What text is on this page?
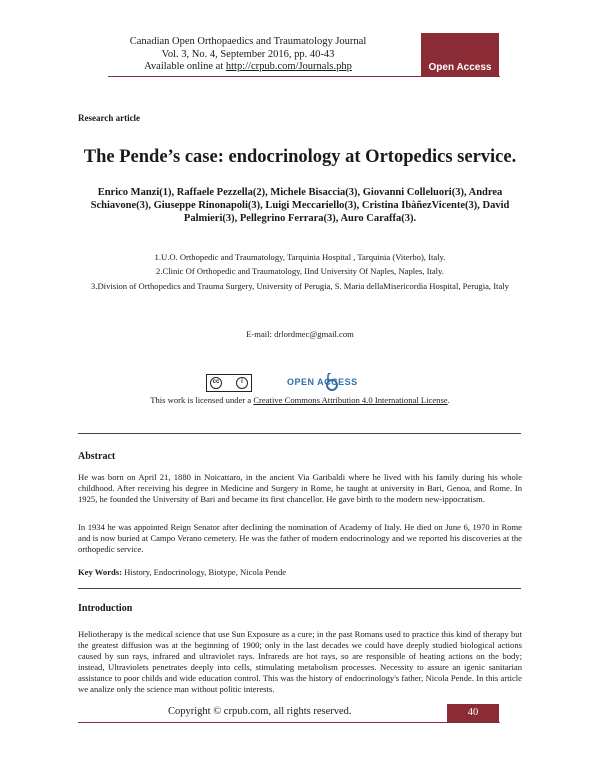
Canadian Open Orthopaedics and Traumatology Journal
Vol. 3, No. 4, September 2016, pp. 40-43
Available online at http://crpub.com/Journals.php	Open Access
Research article
The Pende’s case: endocrinology at Ortopedics service.
Enrico Manzi(1), Raffaele Pezzella(2), Michele Bisaccia(3), Giovanni Colleluori(3), Andrea Schiavone(3), Giuseppe Rinonapoli(3), Luigi Meccariello(3), Cristina IbàñezVicente(3), David Palmieri(3), Pellegrino Ferrara(3), Auro Caraffa(3).
1.U.O. Orthopedic and Traumatology, Tarquinia Hospital , Tarquinia (Viterbo), Italy.
2.Clinic Of Orthopedic and Traumatology, IInd University Of Naples, Naples, Italy.
3.Division of Orthopedics and Trauma Surgery, University of Perugia, S. Maria dellaMisericordia Hospital, Perugia, Italy
E-mail: drlordmec@gmail.com
cc	i	OPEN ACCESS
This work is licensed under a Creative Commons Attribution 4.0 International License.
Abstract
He was born on April 21, 1880 in Noicattaro, in the ancient Via Garibaldi where he lived with his family during his whole childhood. After receiving his degree in Medicine and Surgery in Rome, he taught at university in Bari, Genoa, and Rome. In 1925, he founded the University of Bari and became its first chancellor. He gave birth to the modern new-ippocratism.
In 1934 he was appointed Reign Senator after declining the nomination of Academy of Italy. He died on June 6, 1970 in Rome and is now buried at Campo Verano cemetery. He was the father of modern endocrinology and we reported his discoveries at the orthopedic service.
Key Words: History, Endocrinology, Biotype, Nicola Pende
Introduction
Heliotherapy is the medical science that use Sun Exposure as a cure; in the past Romans used to practice this kind of therapy but the greatest diffusion was at the beginning of 1900; only in the last decades we could have deeply studied biological actions caused by sun rays, infrared and ultraviolet rays. Infrareds are hot rays, so are responsible of heating actions on the body; instead, Ultraviolets penetrates deeply into cells, stimulating metabolism processes. Necessity to assure an igenic sanitarian assistance to poor childs and wide education control. This was the history of endocrinology's father, Nicola Pende. In this article we analize only the science man without politic interests.
Copyright © crpub.com, all rights reserved.	40
